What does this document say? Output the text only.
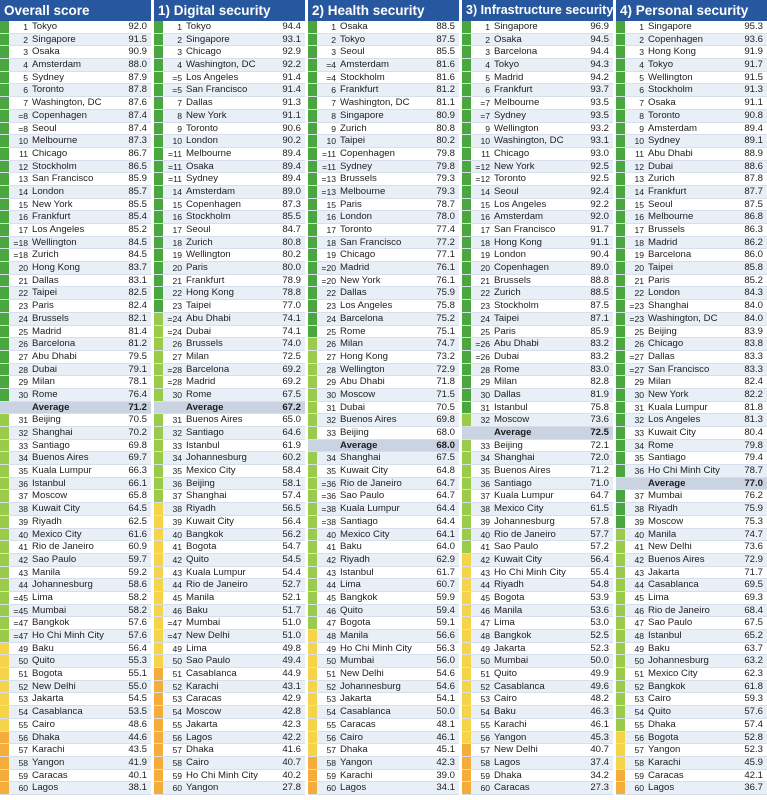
Overall score
1 Tokyo	92.0
2 Singapore	91.5
3 Osaka	90.9
4 Amsterdam	88.0
5 Sydney	87.9
6 Toronto	87.8
7 Washington, DC	87.6
=8 Copenhagen	87.4
=8 Seoul	87.4
10 Melbourne	87.3
11 Chicago	86.7
12 Stockholm	86.5
13 San Francisco	85.9
14 London	85.7
15 New York	85.5
16 Frankfurt	85.4
17 Los Angeles	85.2
=18 Wellington	84.5
=18 Zurich	84.5
20 Hong Kong	83.7
21 Dallas	83.1
22 Taipei	82.5
23 Paris	82.4
24 Brussels	82.1
25 Madrid	81.4
26 Barcelona	81.2
27 Abu Dhabi	79.5
28 Dubai	79.1
29 Milan	78.1
30 Rome	76.4
Average	71.2
31 Beijing	70.5
32 Shanghai	70.2
33 Santiago	69.8
34 Buenos Aires	69.7
35 Kuala Lumpur	66.3
36 Istanbul	66.1
37 Moscow	65.8
38 Kuwait City	64.5
39 Riyadh	62.5
40 Mexico City	61.6
41 Rio de Janeiro	60.9
42 Sao Paulo	59.7
43 Manila	59.2
44 Johannesburg	58.6
=45 Lima	58.2
=45 Mumbai	58.2
=47 Bangkok	57.6
=47 Ho Chi Minh City	57.6
49 Baku	56.4
50 Quito	55.3
51 Bogota	55.1
52 New Delhi	55.0
53 Jakarta	54.5
54 Casablanca	53.5
55 Cairo	48.6
56 Dhaka	44.6
57 Karachi	43.5
58 Yangon	41.9
59 Caracas	40.1
60 Lagos	38.1
1) Digital security
1 Tokyo	94.4
2 Singapore	93.1
3 Chicago	92.9
4 Washington, DC	92.2
=5 Los Angeles	91.4
=5 San Francisco	91.4
7 Dallas	91.3
8 New York	91.1
9 Toronto	90.6
10 London	90.2
=11 Melbourne	89.4
=11 Osaka	89.4
=11 Sydney	89.4
14 Amsterdam	89.0
15 Copenhagen	87.3
16 Stockholm	85.5
17 Seoul	84.7
18 Zurich	80.8
19 Wellington	80.2
20 Paris	80.0
21 Frankfurt	78.9
22 Hong Kong	78.8
23 Taipei	77.0
=24 Abu Dhabi	74.1
=24 Dubai	74.1
26 Brussels	74.0
27 Milan	72.5
=28 Barcelona	69.2
=28 Madrid	69.2
30 Rome	67.5
Average	67.2
31 Buenos Aires	65.0
32 Santiago	64.6
33 Istanbul	61.9
34 Johannesburg	60.2
35 Mexico City	58.4
36 Beijing	58.1
37 Shanghai	57.4
38 Riyadh	56.5
39 Kuwait City	56.4
40 Bangkok	56.2
41 Bogota	54.7
42 Quito	54.5
43 Kuala Lumpur	54.4
44 Rio de Janeiro	52.7
45 Manila	52.1
46 Baku	51.7
=47 Mumbai	51.0
=47 New Delhi	51.0
49 Lima	49.8
50 Sao Paulo	49.4
51 Casablanca	44.9
52 Karachi	43.1
53 Caracas	42.9
54 Moscow	42.8
55 Jakarta	42.3
56 Lagos	42.2
57 Dhaka	41.6
58 Cairo	40.7
59 Ho Chi Minh City	40.2
60 Yangon	27.8
2) Health security
1 Osaka	88.5
2 Tokyo	87.5
3 Seoul	85.5
=4 Amsterdam	81.6
=4 Stockholm	81.6
6 Frankfurt	81.2
7 Washington, DC	81.1
8 Singapore	80.9
9 Zurich	80.8
10 Taipei	80.2
=11 Copenhagen	79.8
=11 Sydney	79.8
=13 Brussels	79.3
=13 Melbourne	79.3
15 Paris	78.7
16 London	78.0
17 Toronto	77.4
18 San Francisco	77.2
19 Chicago	77.1
=20 Madrid	76.1
=20 New York	76.1
22 Dallas	75.9
23 Los Angeles	75.8
24 Barcelona	75.2
25 Rome	75.1
26 Milan	74.7
27 Hong Kong	73.2
28 Wellington	72.9
29 Abu Dhabi	71.8
30 Moscow	71.5
31 Dubai	70.5
32 Buenos Aires	69.8
33 Beijing	68.0
Average	68.0
34 Shanghai	67.5
35 Kuwait City	64.8
=36 Rio de Janeiro	64.7
=36 Sao Paulo	64.7
=38 Kuala Lumpur	64.4
=38 Santiago	64.4
40 Mexico City	64.1
41 Baku	64.0
42 Riyadh	62.9
43 Istanbul	61.7
44 Lima	60.7
45 Bangkok	59.9
46 Quito	59.4
47 Bogota	59.1
48 Manila	56.6
49 Ho Chi Minh City	56.3
50 Mumbai	56.0
51 New Delhi	54.6
52 Johannesburg	54.6
53 Jakarta	54.1
54 Casablanca	50.0
55 Caracas	48.1
56 Cairo	46.1
57 Dhaka	45.1
58 Yangon	42.3
59 Karachi	39.0
60 Lagos	34.1
3) Infrastructure security
1 Singapore	96.9
2 Osaka	94.5
3 Barcelona	94.4
4 Tokyo	94.3
5 Madrid	94.2
6 Frankfurt	93.7
=7 Melbourne	93.5
=7 Sydney	93.5
9 Wellington	93.2
10 Washington, DC	93.1
11 Chicago	93.0
=12 New York	92.5
=12 Toronto	92.5
14 Seoul	92.4
15 Los Angeles	92.2
16 Amsterdam	92.0
17 San Francisco	91.7
18 Hong Kong	91.1
19 London	90.4
20 Copenhagen	89.0
21 Brussels	88.8
22 Zurich	88.5
23 Stockholm	87.5
24 Taipei	87.1
25 Paris	85.9
=26 Abu Dhabi	83.2
=26 Dubai	83.2
28 Rome	83.0
29 Milan	82.8
30 Dallas	81.9
31 Istanbul	75.8
32 Moscow	73.6
Average	72.5
33 Beijing	72.1
34 Shanghai	72.0
35 Buenos Aires	71.2
36 Santiago	71.0
37 Kuala Lumpur	64.7
38 Mexico City	61.5
39 Johannesburg	57.8
40 Rio de Janeiro	57.7
41 Sao Paulo	57.2
42 Kuwait City	56.4
43 Ho Chi Minh City	55.4
44 Riyadh	54.8
45 Bogota	53.9
46 Manila	53.6
47 Lima	53.0
48 Bangkok	52.5
49 Jakarta	52.3
50 Mumbai	50.0
51 Quito	49.9
52 Casablanca	49.6
53 Cairo	48.2
54 Baku	46.3
55 Karachi	46.1
56 Yangon	45.3
57 New Delhi	40.7
58 Lagos	37.4
59 Dhaka	34.2
60 Caracas	27.3
4) Personal security
1 Singapore	95.3
2 Copenhagen	93.6
3 Hong Kong	91.9
4 Tokyo	91.7
5 Wellington	91.5
6 Stockholm	91.3
7 Osaka	91.1
8 Toronto	90.8
9 Amsterdam	89.4
10 Sydney	89.1
11 Abu Dhabi	88.9
12 Dubai	88.6
13 Zurich	87.8
14 Frankfurt	87.7
15 Seoul	87.5
16 Melbourne	86.8
17 Brussels	86.3
18 Madrid	86.2
19 Barcelona	86.0
20 Taipei	85.8
21 Paris	85.2
22 London	84.3
=23 Shanghai	84.0
=23 Washington, DC	84.0
25 Beijing	83.9
26 Chicago	83.8
=27 Dallas	83.3
=27 San Francisco	83.3
29 Milan	82.4
30 New York	82.2
31 Kuala Lumpur	81.8
32 Los Angeles	81.3
33 Kuwait City	80.4
34 Rome	79.8
35 Santiago	79.4
36 Ho Chi Minh City	78.7
Average	77.0
37 Mumbai	76.2
38 Riyadh	75.9
39 Moscow	75.3
40 Manila	74.7
41 New Delhi	73.6
42 Buenos Aires	72.9
43 Jakarta	71.7
44 Casablanca	69.5
45 Lima	69.3
46 Rio de Janeiro	68.4
47 Sao Paulo	67.5
48 Istanbul	65.2
49 Baku	63.7
50 Johannesburg	63.2
51 Mexico City	62.3
52 Bangkok	61.8
53 Cairo	59.3
54 Quito	57.6
55 Dhaka	57.4
56 Bogota	52.8
57 Yangon	52.3
58 Karachi	45.9
59 Caracas	42.1
60 Lagos	36.7
